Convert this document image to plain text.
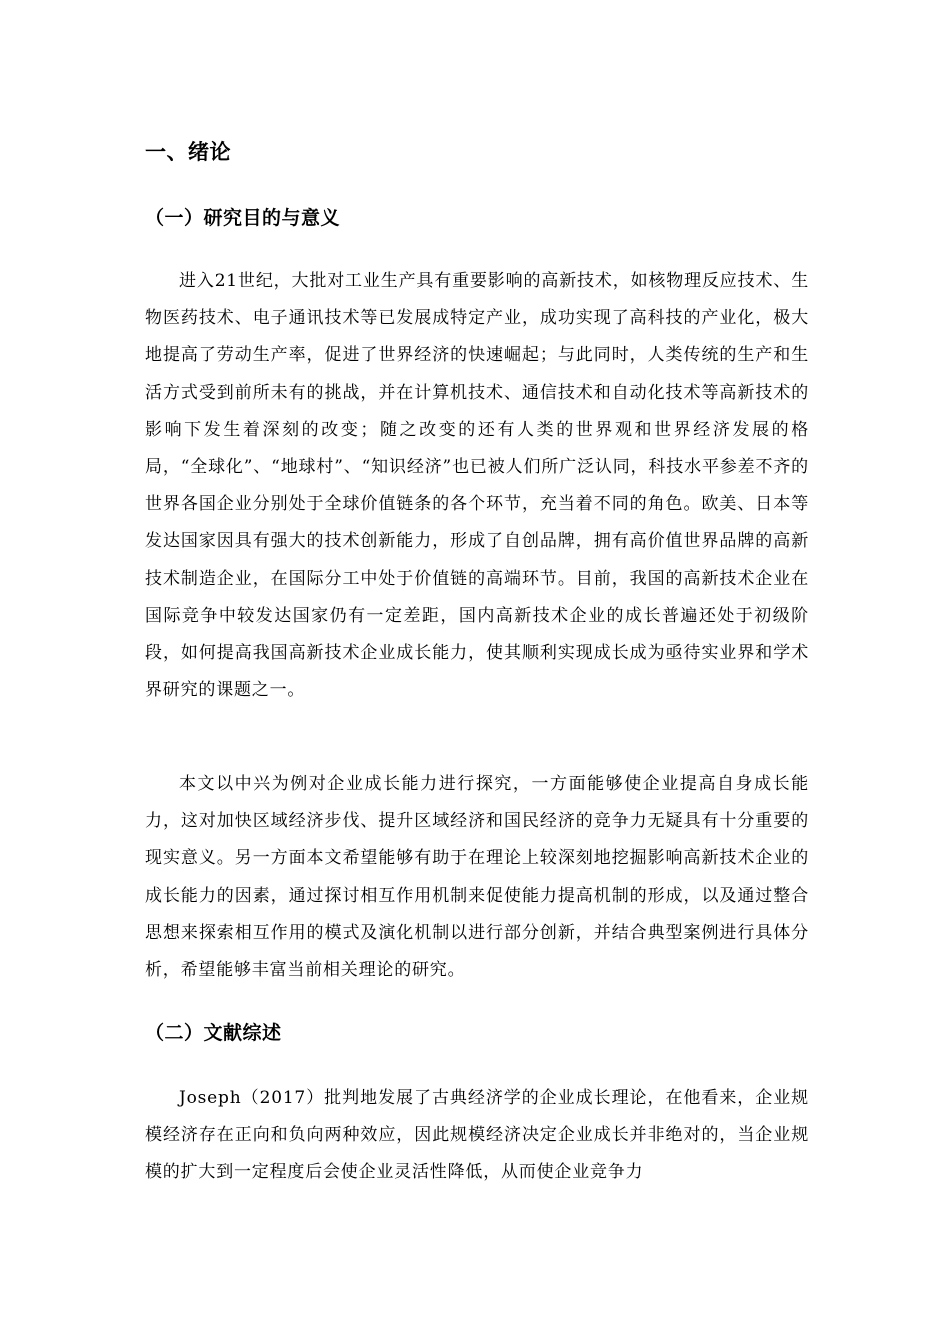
一、绪论
（一）研究目的与意义

进入21世纪，大批对工业生产具有重要影响的高新技术，如核物理反应技术、生物医药技术、电子通讯技术等已发展成特定产业，成功实现了高科技的产业化，极大地提高了劳动生产率，促进了世界经济的快速崛起；与此同时，人类传统的生产和生活方式受到前所未有的挑战，并在计算机技术、通信技术和自动化技术等高新技术的影响下发生着深刻的改变；随之改变的还有人类的世界观和世界经济发展的格局，“全球化”、“地球村”、“知识经济”也已被人们所广泛认同，科技水平参差不齐的世界各国企业分别处于全球价值链条的各个环节，充当着不同的角色。欧美、日本等发达国家因具有强大的技术创新能力，形成了自创品牌，拥有高价值世界品牌的高新技术制造企业，在国际分工中处于价值链的高端环节。目前，我国的高新技术企业在国际竞争中较发达国家仍有一定差距，国内高新技术企业的成长普遍还处于初级阶段，如何提高我国高新技术企业成长能力，使其顺利实现成长成为亟待实业界和学术界研究的课题之一。

本文以中兴为例对企业成长能力进行探究，一方面能够使企业提高自身成长能力，这对加快区域经济步伐、提升区域经济和国民经济的竞争力无疑具有十分重要的现实意义。另一方面本文希望能够有助于在理论上较深刻地挖掘影响高新技术企业的成长能力的因素，通过探讨相互作用机制来促使能力提高机制的形成，以及通过整合思想来探索相互作用的模式及演化机制以进行部分创新，并结合典型案例进行具体分析，希望能够丰富当前相关理论的研究。

（二）文献综述

Joseph（2017）批判地发展了古典经济学的企业成长理论，在他看来，企业规模经济存在正向和负向两种效应，因此规模经济决定企业成长并非绝对的，当企业规模的扩大到一定程度后会使企业灵活性降低，从而使企业竞争力
